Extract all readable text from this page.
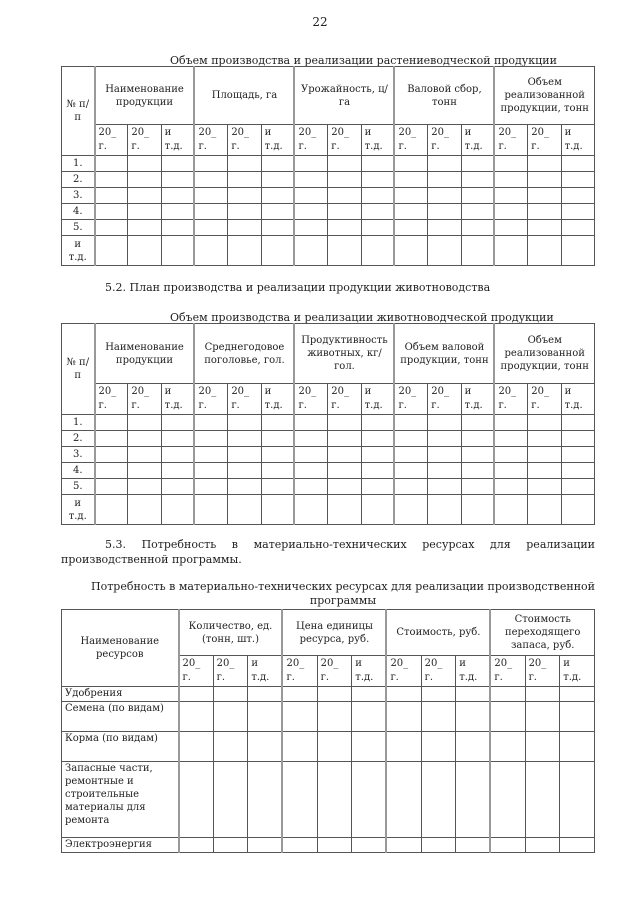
22
Объем производства и реализации растениеводческой продукции
№ п/п	Наименование продукции			Площадь, га			Урожайность, ц/га			Валовой сбор, тонн			Объем реализованной продукции, тонн		
	20_ г.	20_ г.	и т.д.	20_ г.	20_ г.	и т.д.	20_ г.	20_ г.	и т.д.	20_ г.	20_ г.	и т.д.	20_ г.	20_ г.	и т.д.
1.															
2.															
3.															
4.															
5.															
и т.д.															
5.2. План производства и реализации продукции животноводства
Объем производства и реализации животноводческой продукции
№ п/п	Наименование продукции			Среднегодовое поголовье, гол.			Продуктивность животных, кг/гол.			Объем валовой продукции, тонн			Объем реализованной продукции, тонн		
	20_ г.	20_ г.	и т.д.	20_ г.	20_ г.	и т.д.	20_ г.	20_ г.	и т.д.	20_ г.	20_ г.	и т.д.	20_ г.	20_ г.	и т.д.
1.															
2.															
3.															
4.															
5.															
и т.д.															
5.3. Потребность в материально-технических ресурсах для реализации производственной программы.
Потребность в материально-технических ресурсах для реализации производственной программы
Наименование ресурсов	Количество, ед. (тонн, шт.)			Цена единицы ресурса, руб.			Стоимость, руб.			Стоимость переходящего запаса, руб.		
	20_ г.	20_ г.	и т.д.	20_ г.	20_ г.	и т.д.	20_ г.	20_ г.	и т.д.	20_ г.	20_ г.	и т.д.
Удобрения												
Семена (по видам)												
Корма (по видам)												
Запасные части, ремонтные и строительные материалы для ремонта												
Электроэнергия												
